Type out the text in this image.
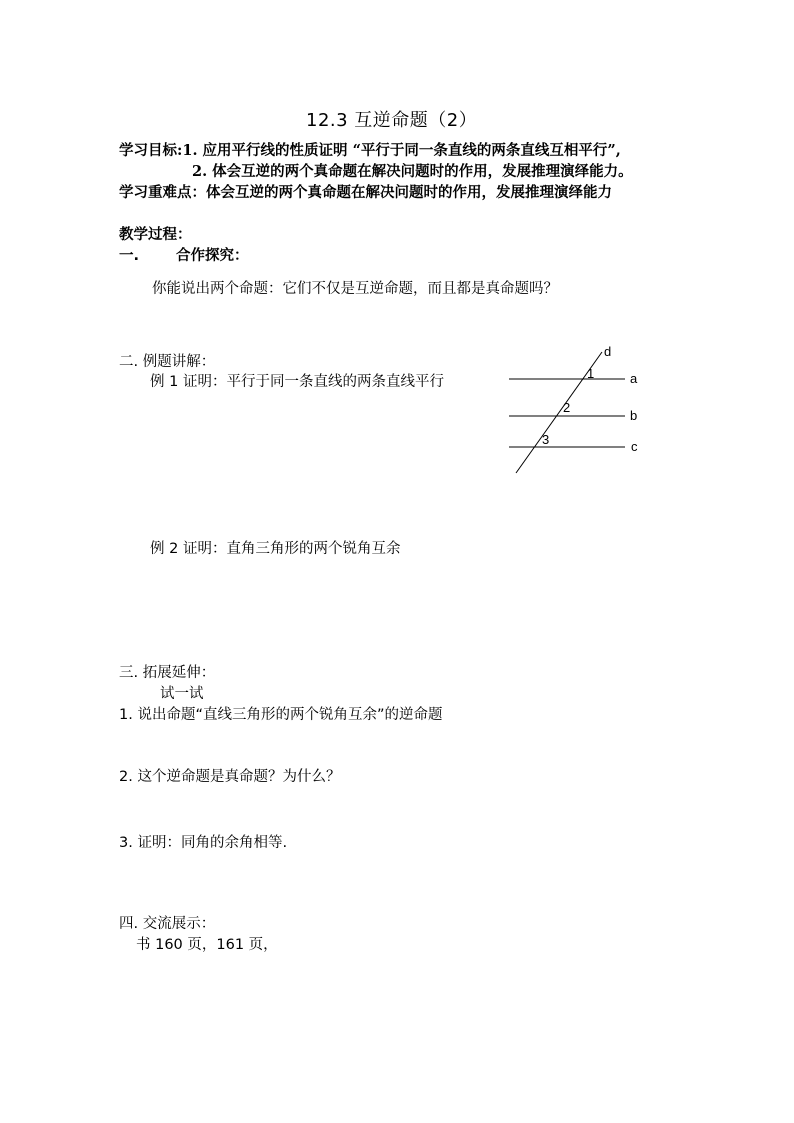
12.3 互逆命题（2）
学习目标:1. 应用平行线的性质证明 “平行于同一条直线的两条直线互相平行”,
2. 体会互逆的两个真命题在解决问题时的作用，发展推理演绎能力。
学习重难点：体会互逆的两个真命题在解决问题时的作用，发展推理演绎能力
教学过程：
一.	合作探究：
你能说出两个命题：它们不仅是互逆命题，而且都是真命题吗？
二. 例题讲解：
例 1 证明：平行于同一条直线的两条直线平行	a
b
c
d
1
2
3
例 2 证明：直角三角形的两个锐角互余
三. 拓展延伸：
试一试
1. 说出命题“直线三角形的两个锐角互余”的逆命题
2. 这个逆命题是真命题？为什么？
3. 证明：同角的余角相等.
四. 交流展示：
书 160 页，161 页，
